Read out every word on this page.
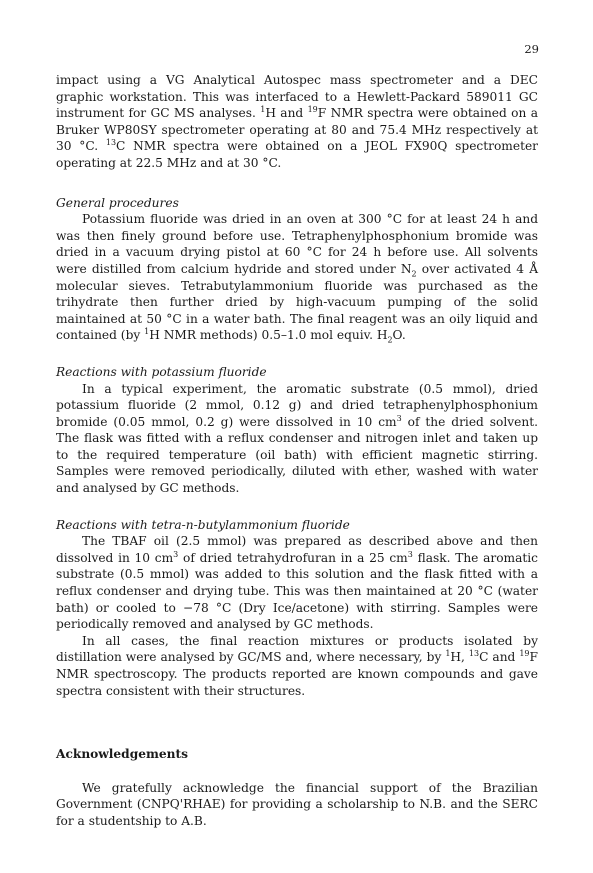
29

impact using a VG Analytical Autospec mass spectrometer and a DEC graphic workstation. This was interfaced to a Hewlett-Packard 589011 GC instrument for GC MS analyses. $^1$H and $^{19}$F NMR spectra were obtained on a Bruker WP80SY spectrometer operating at 80 and 75.4 MHz respectively at 30 °C. $^{13}$C NMR spectra were obtained on a JEOL FX90Q spectrometer operating at 22.5 MHz and at 30 °C.

General procedures

Potassium fluoride was dried in an oven at 300 °C for at least 24 h and was then finely ground before use. Tetraphenylphosphonium bromide was dried in a vacuum drying pistol at 60 °C for 24 h before use. All solvents were distilled from calcium hydride and stored under $N_2$ over activated 4 Å molecular sieves. Tetrabutylammonium fluoride was purchased as the trihydrate then further dried by high-vacuum pumping of the solid maintained at 50 °C in a water bath. The final reagent was an oily liquid and contained (by $^1$H NMR methods) 0.5–1.0 mol equiv. $H_2O$.

Reactions with potassium fluoride

In a typical experiment, the aromatic substrate (0.5 mmol), dried potassium fluoride (2 mmol, 0.12 g) and dried tetraphenylphosphonium bromide (0.05 mmol, 0.2 g) were dissolved in 10 $cm^3$ of the dried solvent. The flask was fitted with a reflux condenser and nitrogen inlet and taken up to the required temperature (oil bath) with efficient magnetic stirring. Samples were removed periodically, diluted with ether, washed with water and analysed by GC methods.

Reactions with tetra-n-butylammonium fluoride

The TBAF oil (2.5 mmol) was prepared as described above and then dissolved in 10 $cm^3$ of dried tetrahydrofuran in a 25 $cm^3$ flask. The aromatic substrate (0.5 mmol) was added to this solution and the flask fitted with a reflux condenser and drying tube. This was then maintained at 20 °C (water bath) or cooled to −78 °C (Dry Ice/acetone) with stirring. Samples were periodically removed and analysed by GC methods.

In all cases, the final reaction mixtures or products isolated by distillation were analysed by GC/MS and, where necessary, by $^1$H, $^{13}$C and $^{19}$F NMR spectroscopy. The products reported are known compounds and gave spectra consistent with their structures.

Acknowledgements

We gratefully acknowledge the financial support of the Brazilian Government (CNPQ'RHAE) for providing a scholarship to N.B. and the SERC for a studentship to A.B.
